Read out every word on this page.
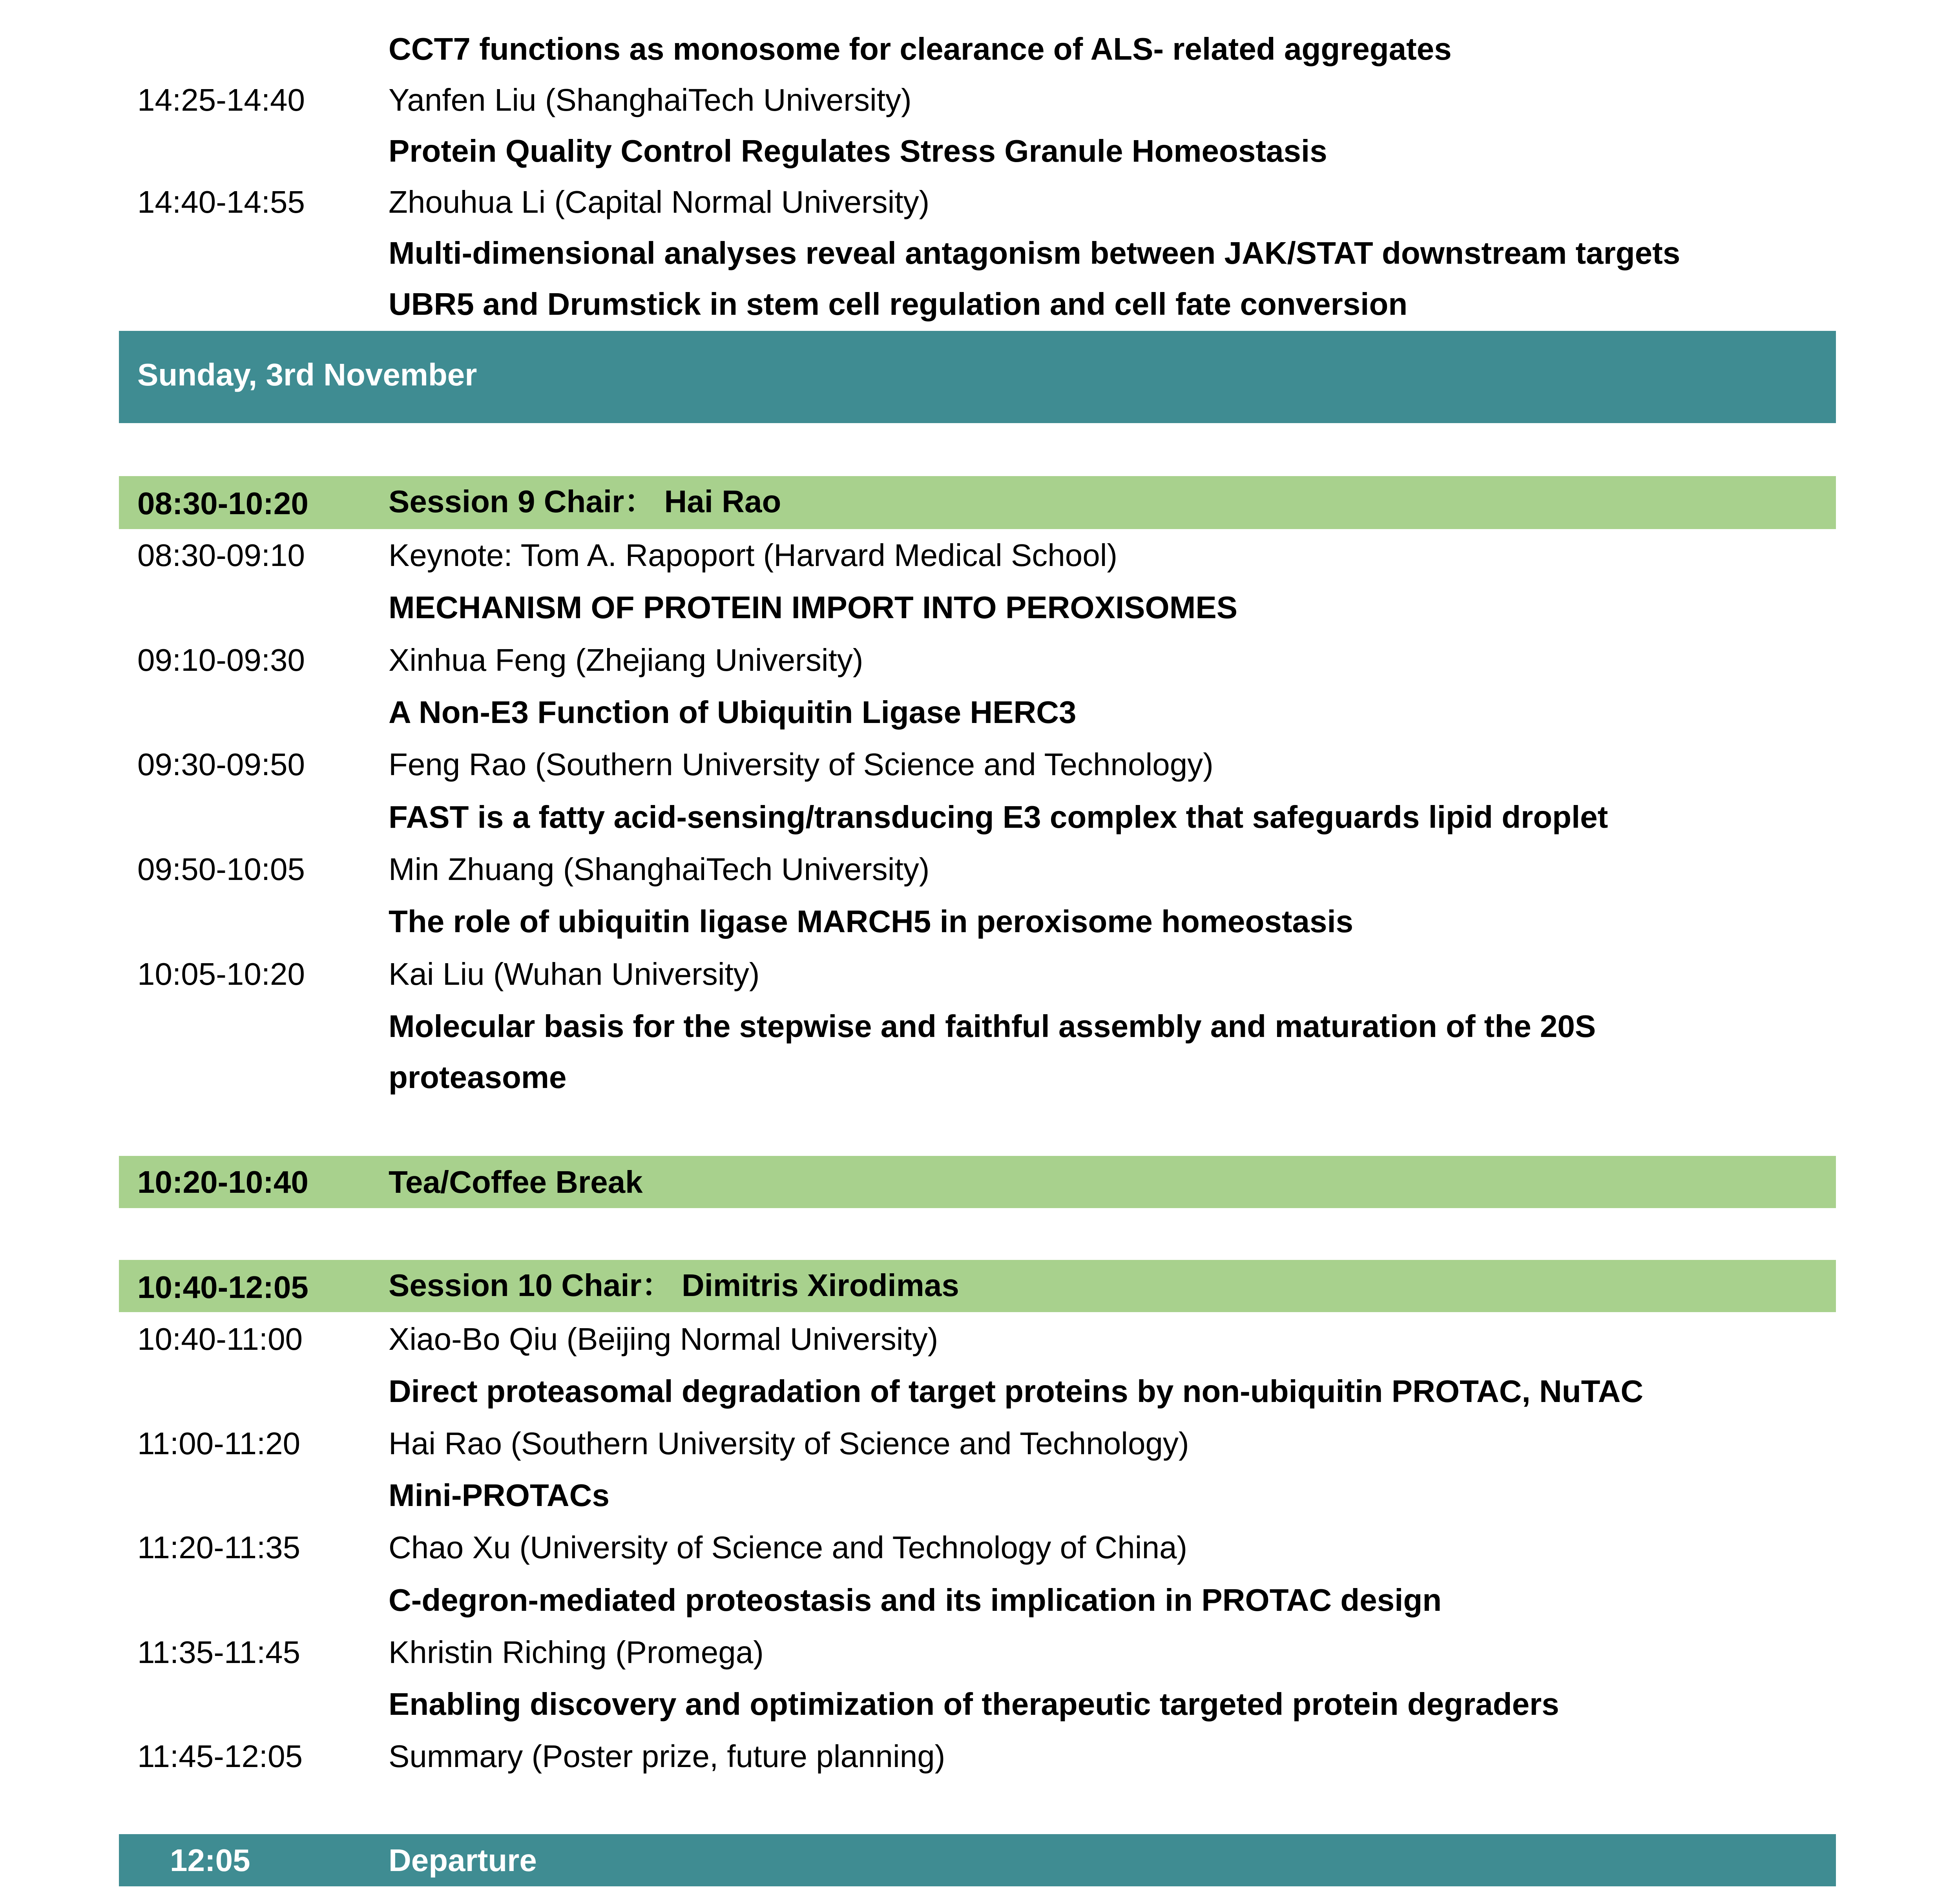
CCT7 functions as monosome for clearance of ALS- related aggregates
14:25-14:40	Yanfen Liu (ShanghaiTech University)
Protein Quality Control Regulates Stress Granule Homeostasis
14:40-14:55	Zhouhua Li (Capital Normal University)
Multi-dimensional analyses reveal antagonism between JAK/STAT downstream targets
UBR5 and Drumstick in stem cell regulation and cell fate conversion
Sunday, 3rd November
08:30-10:20	Session 9 Chair： Hai Rao
08:30-09:10	Keynote: Tom A. Rapoport (Harvard Medical School)
MECHANISM OF PROTEIN IMPORT INTO PEROXISOMES
09:10-09:30	Xinhua Feng (Zhejiang University)
A Non-E3 Function of Ubiquitin Ligase HERC3
09:30-09:50	Feng Rao (Southern University of Science and Technology)
FAST is a fatty acid-sensing/transducing E3 complex that safeguards lipid droplet
09:50-10:05	Min Zhuang (ShanghaiTech University)
The role of ubiquitin ligase MARCH5 in peroxisome homeostasis
10:05-10:20	Kai Liu (Wuhan University)
Molecular basis for the stepwise and faithful assembly and maturation of the 20S
proteasome
10:20-10:40	Tea/Coffee Break
10:40-12:05	Session 10 Chair： Dimitris Xirodimas
10:40-11:00	Xiao-Bo Qiu (Beijing Normal University)
Direct proteasomal degradation of target proteins by non-ubiquitin PROTAC, NuTAC
11:00-11:20	Hai Rao (Southern University of Science and Technology)
Mini-PROTACs
11:20-11:35	Chao Xu (University of Science and Technology of China)
C-degron-mediated proteostasis and its implication in PROTAC design
11:35-11:45	Khristin Riching (Promega)
Enabling discovery and optimization of therapeutic targeted protein degraders
11:45-12:05	Summary (Poster prize, future planning)
12:05	Departure
